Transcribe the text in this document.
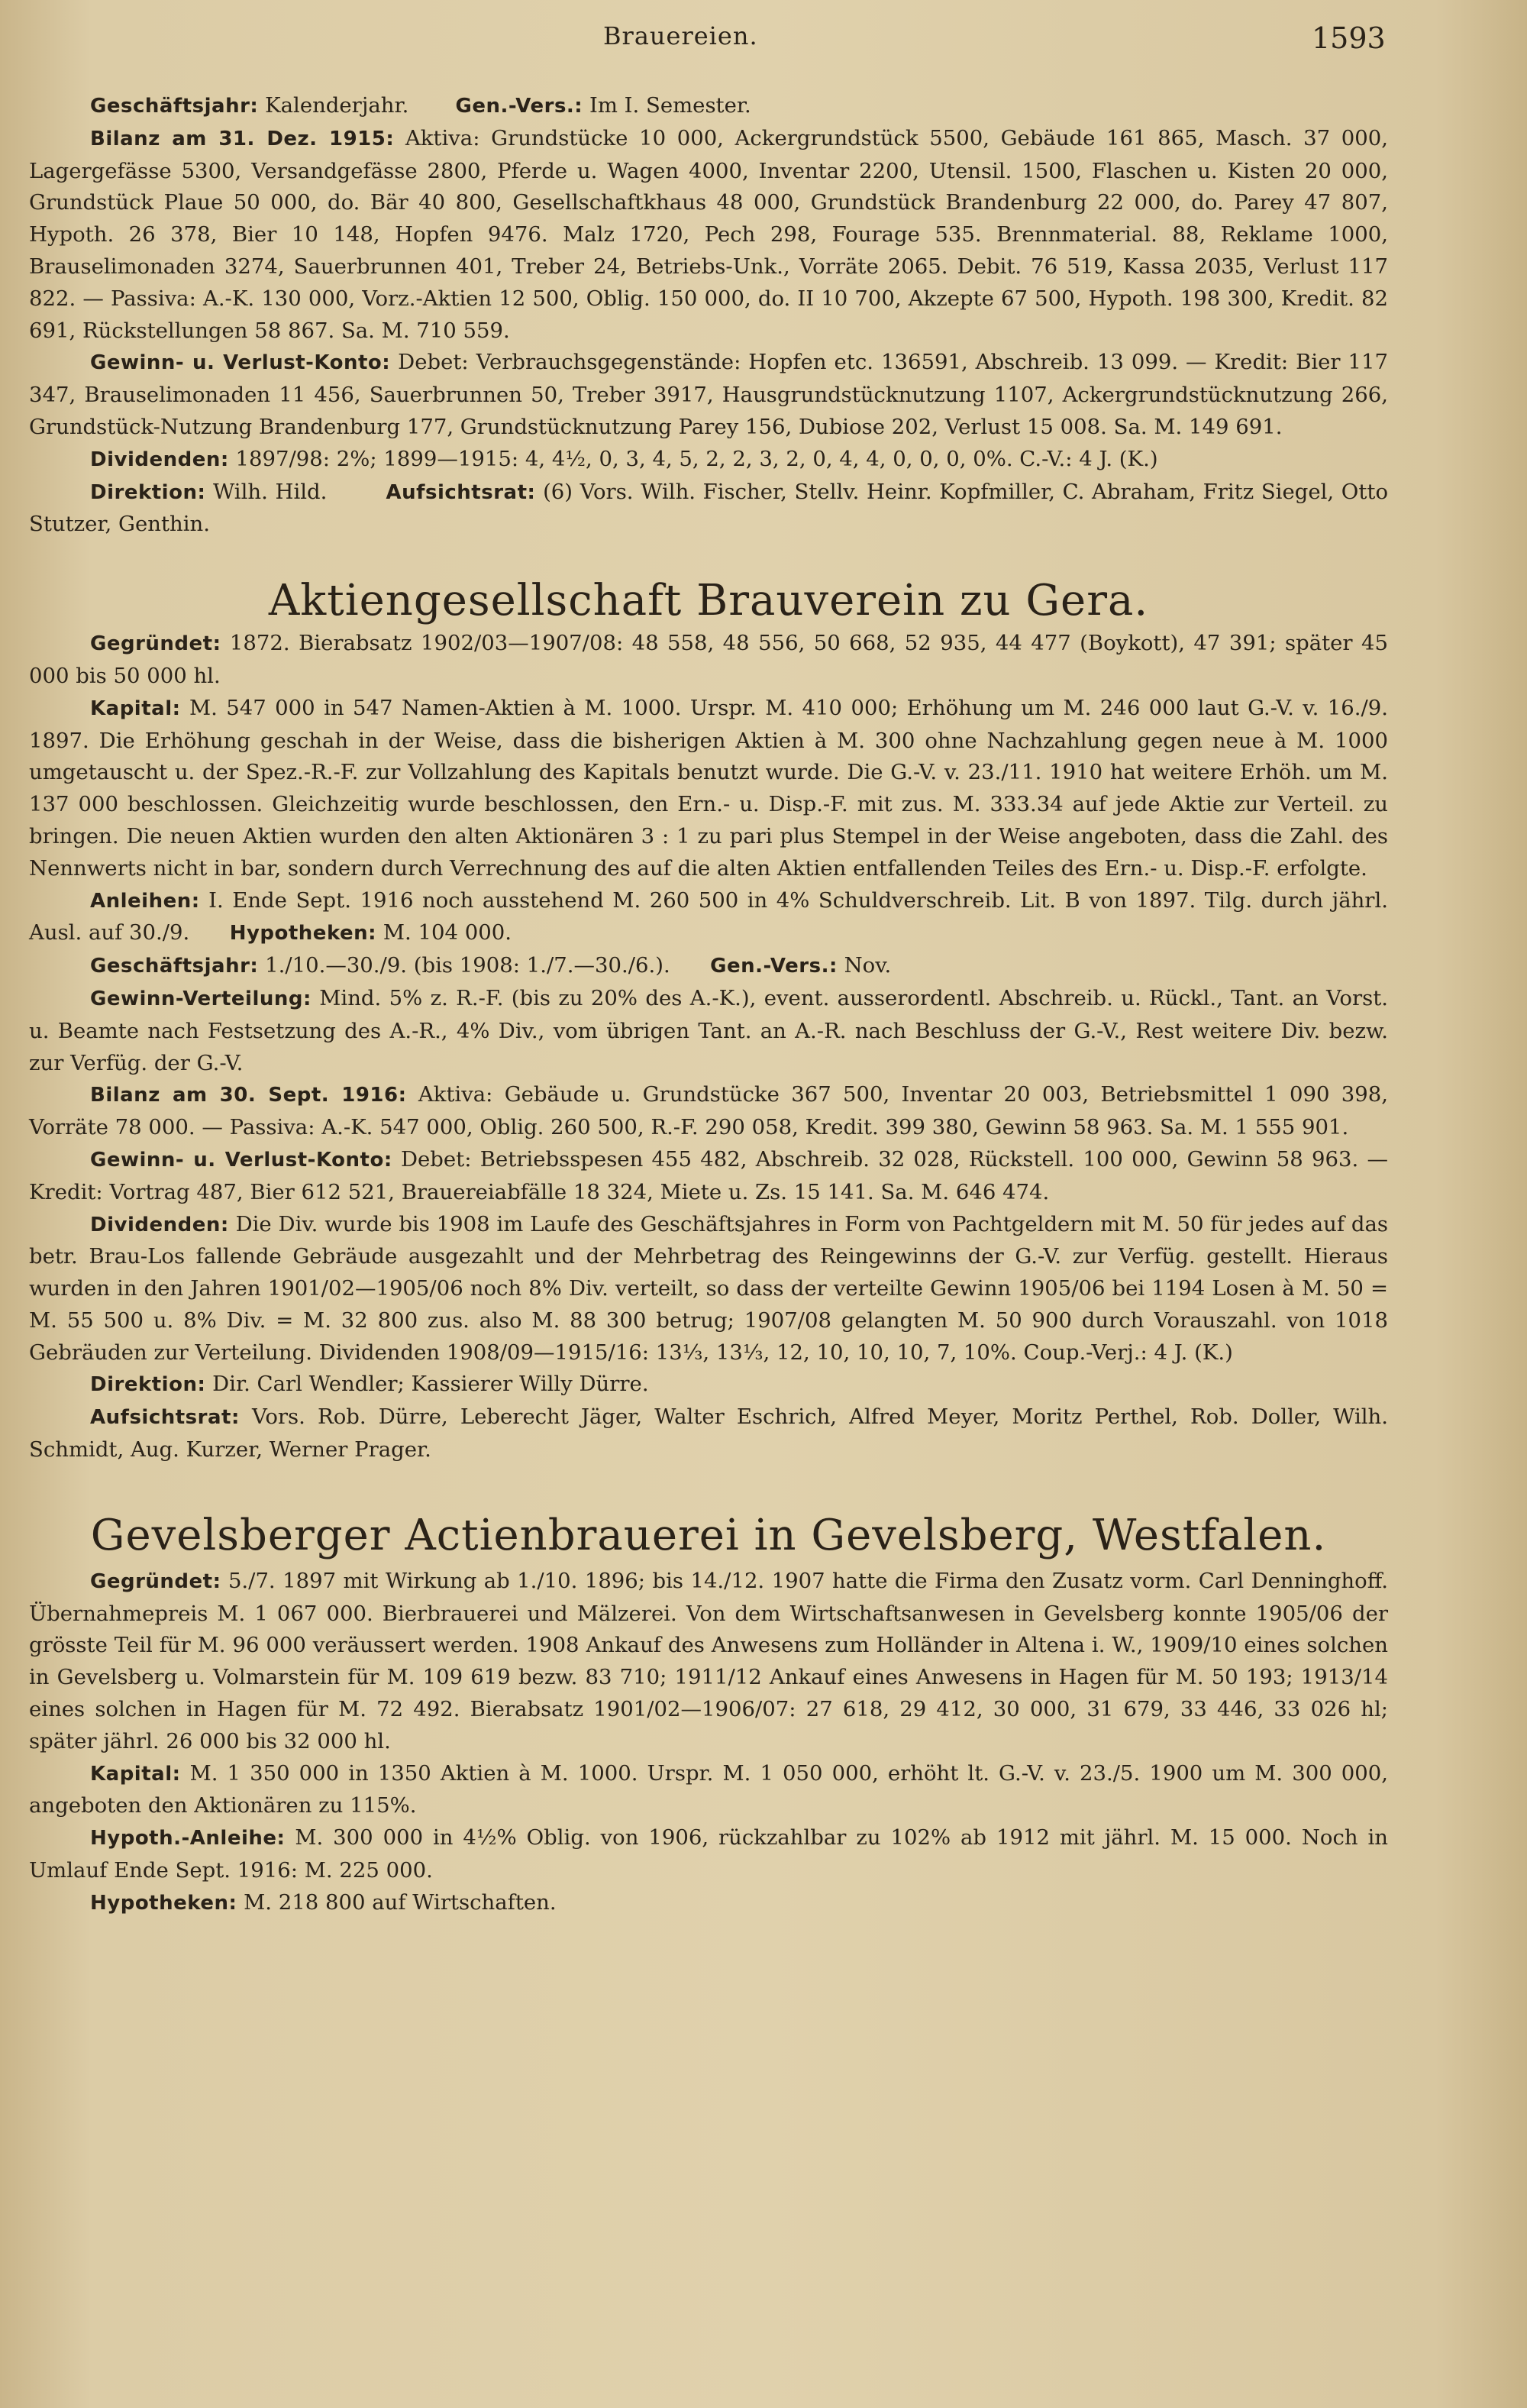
Brauereien.	1593

Geschäftsjahr: Kalenderjahr. Gen.-Vers.: Im I. Semester.

Bilanz am 31. Dez. 1915: Aktiva: Grundstücke 10 000, Ackergrundstück 5500, Gebäude 161 865, Masch. 37 000, Lagergefässe 5300, Versandgefässe 2800, Pferde u. Wagen 4000, Inventar 2200, Utensil. 1500, Flaschen u. Kisten 20 000, Grundstück Plaue 50 000, do. Bär 40 800, Gesellschaftkhaus 48 000, Grundstück Brandenburg 22 000, do. Parey 47 807, Hypoth. 26 378, Bier 10 148, Hopfen 9476. Malz 1720, Pech 298, Fourage 535. Brennmaterial. 88, Reklame 1000, Brauselimonaden 3274, Sauerbrunnen 401, Treber 24, Betriebs-Unk., Vorräte 2065. Debit. 76 519, Kassa 2035, Verlust 117 822. — Passiva: A.-K. 130 000, Vorz.-Aktien 12 500, Oblig. 150 000, do. II 10 700, Akzepte 67 500, Hypoth. 198 300, Kredit. 82 691, Rückstellungen 58 867. Sa. M. 710 559.

Gewinn- u. Verlust-Konto: Debet: Verbrauchsgegenstände: Hopfen etc. 136591, Abschreib. 13 099. — Kredit: Bier 117 347, Brauselimonaden 11 456, Sauerbrunnen 50, Treber 3917, Hausgrundstücknutzung 1107, Ackergrundstücknutzung 266, Grundstück-Nutzung Brandenburg 177, Grundstücknutzung Parey 156, Dubiose 202, Verlust 15 008. Sa. M. 149 691.

Dividenden: 1897/98: 2%; 1899—1915: 4, 4½, 0, 3, 4, 5, 2, 2, 3, 2, 0, 4, 4, 0, 0, 0, 0%. C.-V.: 4 J. (K.)

Direktion: Wilh. Hild.	Aufsichtsrat: (6) Vors. Wilh. Fischer, Stellv. Heinr. Kopfmiller, C. Abraham, Fritz Siegel, Otto Stutzer, Genthin.

Aktiengesellschaft Brauverein zu Gera.

Gegründet: 1872. Bierabsatz 1902/03—1907/08: 48 558, 48 556, 50 668, 52 935, 44 477 (Boykott), 47 391; später 45 000 bis 50 000 hl.

Kapital: M. 547 000 in 547 Namen-Aktien à M. 1000. Urspr. M. 410 000; Erhöhung um M. 246 000 laut G.-V. v. 16./9. 1897. Die Erhöhung geschah in der Weise, dass die bisherigen Aktien à M. 300 ohne Nachzahlung gegen neue à M. 1000 umgetauscht u. der Spez.-R.-F. zur Vollzahlung des Kapitals benutzt wurde. Die G.-V. v. 23./11. 1910 hat weitere Erhöh. um M. 137 000 beschlossen. Gleichzeitig wurde beschlossen, den Ern.- u. Disp.-F. mit zus. M. 333.34 auf jede Aktie zur Verteil. zu bringen. Die neuen Aktien wurden den alten Aktionären 3 : 1 zu pari plus Stempel in der Weise angeboten, dass die Zahl. des Nennwerts nicht in bar, sondern durch Verrechnung des auf die alten Aktien entfallenden Teiles des Ern.- u. Disp.-F. erfolgte.

Anleihen: I. Ende Sept. 1916 noch ausstehend M. 260 500 in 4% Schuldverschreib. Lit. B von 1897. Tilg. durch jährl. Ausl. auf 30./9. Hypotheken: M. 104 000.

Geschäftsjahr: 1./10.—30./9. (bis 1908: 1./7.—30./6.). Gen.-Vers.: Nov.

Gewinn-Verteilung: Mind. 5% z. R.-F. (bis zu 20% des A.-K.), event. ausserordentl. Abschreib. u. Rückl., Tant. an Vorst. u. Beamte nach Festsetzung des A.-R., 4% Div., vom übrigen Tant. an A.-R. nach Beschluss der G.-V., Rest weitere Div. bezw. zur Verfüg. der G.-V.

Bilanz am 30. Sept. 1916: Aktiva: Gebäude u. Grundstücke 367 500, Inventar 20 003, Betriebsmittel 1 090 398, Vorräte 78 000. — Passiva: A.-K. 547 000, Oblig. 260 500, R.-F. 290 058, Kredit. 399 380, Gewinn 58 963. Sa. M. 1 555 901.

Gewinn- u. Verlust-Konto: Debet: Betriebsspesen 455 482, Abschreib. 32 028, Rückstell. 100 000, Gewinn 58 963. — Kredit: Vortrag 487, Bier 612 521, Brauereiabfälle 18 324, Miete u. Zs. 15 141. Sa. M. 646 474.

Dividenden: Die Div. wurde bis 1908 im Laufe des Geschäftsjahres in Form von Pachtgeldern mit M. 50 für jedes auf das betr. Brau-Los fallende Gebräude ausgezahlt und der Mehrbetrag des Reingewinns der G.-V. zur Verfüg. gestellt. Hieraus wurden in den Jahren 1901/02—1905/06 noch 8% Div. verteilt, so dass der verteilte Gewinn 1905/06 bei 1194 Losen à M. 50 = M. 55 500 u. 8% Div. = M. 32 800 zus. also M. 88 300 betrug; 1907/08 gelangten M. 50 900 durch Vorauszahl. von 1018 Gebräuden zur Verteilung. Dividenden 1908/09—1915/16: 13⅓, 13⅓, 12, 10, 10, 10, 7, 10%. Coup.-Verj.: 4 J. (K.)

Direktion: Dir. Carl Wendler; Kassierer Willy Dürre.

Aufsichtsrat: Vors. Rob. Dürre, Leberecht Jäger, Walter Eschrich, Alfred Meyer, Moritz Perthel, Rob. Doller, Wilh. Schmidt, Aug. Kurzer, Werner Prager.

Gevelsberger Actienbrauerei in Gevelsberg, Westfalen.

Gegründet: 5./7. 1897 mit Wirkung ab 1./10. 1896; bis 14./12. 1907 hatte die Firma den Zusatz vorm. Carl Denninghoff. Übernahmepreis M. 1 067 000. Bierbrauerei und Mälzerei. Von dem Wirtschaftsanwesen in Gevelsberg konnte 1905/06 der grösste Teil für M. 96 000 veräussert werden. 1908 Ankauf des Anwesens zum Holländer in Altena i. W., 1909/10 eines solchen in Gevelsberg u. Volmarstein für M. 109 619 bezw. 83 710; 1911/12 Ankauf eines Anwesens in Hagen für M. 50 193; 1913/14 eines solchen in Hagen für M. 72 492. Bierabsatz 1901/02—1906/07: 27 618, 29 412, 30 000, 31 679, 33 446, 33 026 hl; später jährl. 26 000 bis 32 000 hl.

Kapital: M. 1 350 000 in 1350 Aktien à M. 1000. Urspr. M. 1 050 000, erhöht lt. G.-V. v. 23./5. 1900 um M. 300 000, angeboten den Aktionären zu 115%.

Hypoth.-Anleihe: M. 300 000 in 4½% Oblig. von 1906, rückzahlbar zu 102% ab 1912 mit jährl. M. 15 000. Noch in Umlauf Ende Sept. 1916: M. 225 000.

Hypotheken: M. 218 800 auf Wirtschaften.
